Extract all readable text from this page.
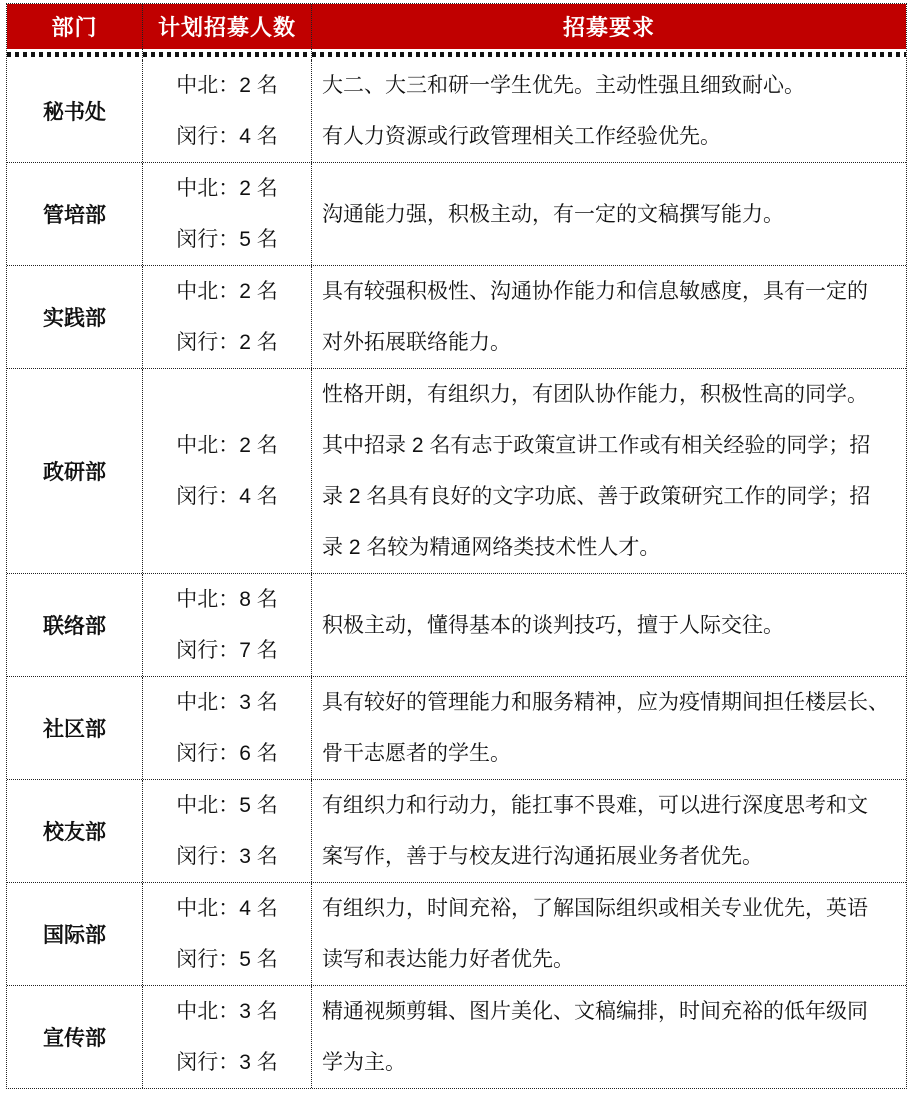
部门	计划招募人数	招募要求
秘书处
中北：2 名
闵行：4 名
大二、大三和研一学生优先。主动性强且细致耐心。
有人力资源或行政管理相关工作经验优先。
管培部
中北：2 名
闵行：5 名
沟通能力强，积极主动，有一定的文稿撰写能力。
实践部
中北：2 名
闵行：2 名
具有较强积极性、沟通协作能力和信息敏感度，具有一定的
对外拓展联络能力。
政研部
中北：2 名
闵行：4 名
性格开朗，有组织力，有团队协作能力，积极性高的同学。
其中招录 2 名有志于政策宣讲工作或有相关经验的同学；招
录 2 名具有良好的文字功底、善于政策研究工作的同学；招
录 2 名较为精通网络类技术性人才。
联络部
中北：8 名
闵行：7 名
积极主动，懂得基本的谈判技巧，擅于人际交往。
社区部
中北：3 名
闵行：6 名
具有较好的管理能力和服务精神，应为疫情期间担任楼层长、
骨干志愿者的学生。
校友部
中北：5 名
闵行：3 名
有组织力和行动力，能扛事不畏难，可以进行深度思考和文
案写作，善于与校友进行沟通拓展业务者优先。
国际部
中北：4 名
闵行：5 名
有组织力，时间充裕，了解国际组织或相关专业优先，英语
读写和表达能力好者优先。
宣传部
中北：3 名
闵行：3 名
精通视频剪辑、图片美化、文稿编排，时间充裕的低年级同
学为主。
